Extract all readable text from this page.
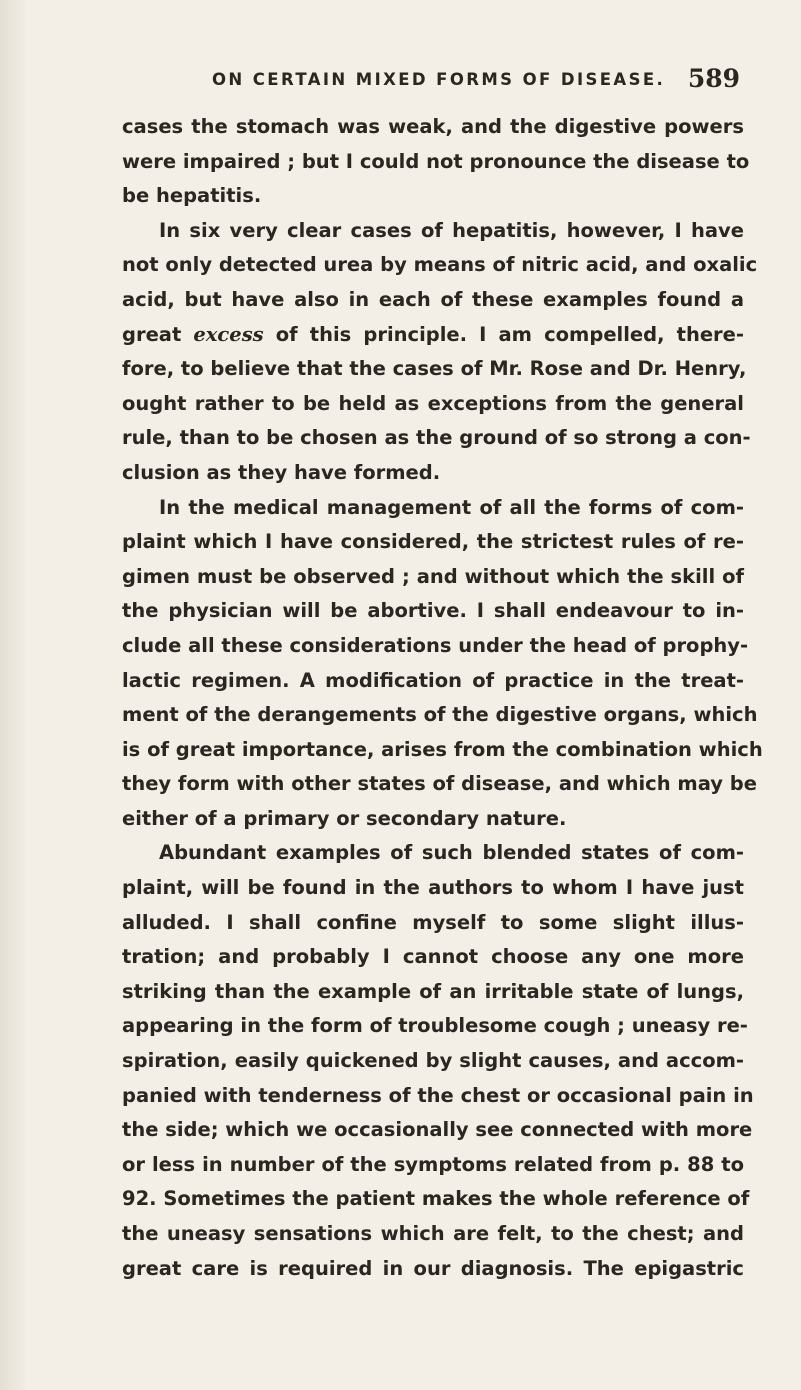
ON CERTAIN MIXED FORMS OF DISEASE. 589
cases the stomach was weak, and the digestive powers
were impaired ; but I could not pronounce the disease to
be hepatitis.
In six very clear cases of hepatitis, however, I have
not only detected urea by means of nitric acid, and oxalic
acid, but have also in each of these examples found a
great excess of this principle. I am compelled, there-
fore, to believe that the cases of Mr. Rose and Dr. Henry,
ought rather to be held as exceptions from the general
rule, than to be chosen as the ground of so strong a con-
clusion as they have formed.
In the medical management of all the forms of com-
plaint which I have considered, the strictest rules of re-
gimen must be observed ; and without which the skill of
the physician will be abortive. I shall endeavour to in-
clude all these considerations under the head of prophy-
lactic regimen. A modification of practice in the treat-
ment of the derangements of the digestive organs, which
is of great importance, arises from the combination which
they form with other states of disease, and which may be
either of a primary or secondary nature.
Abundant examples of such blended states of com-
plaint, will be found in the authors to whom I have just
alluded. I shall confine myself to some slight illus-
tration; and probably I cannot choose any one more
striking than the example of an irritable state of lungs,
appearing in the form of troublesome cough ; uneasy re-
spiration, easily quickened by slight causes, and accom-
panied with tenderness of the chest or occasional pain in
the side; which we occasionally see connected with more
or less in number of the symptoms related from p. 88 to
92. Sometimes the patient makes the whole reference of
the uneasy sensations which are felt, to the chest; and
great care is required in our diagnosis. The epigastric
